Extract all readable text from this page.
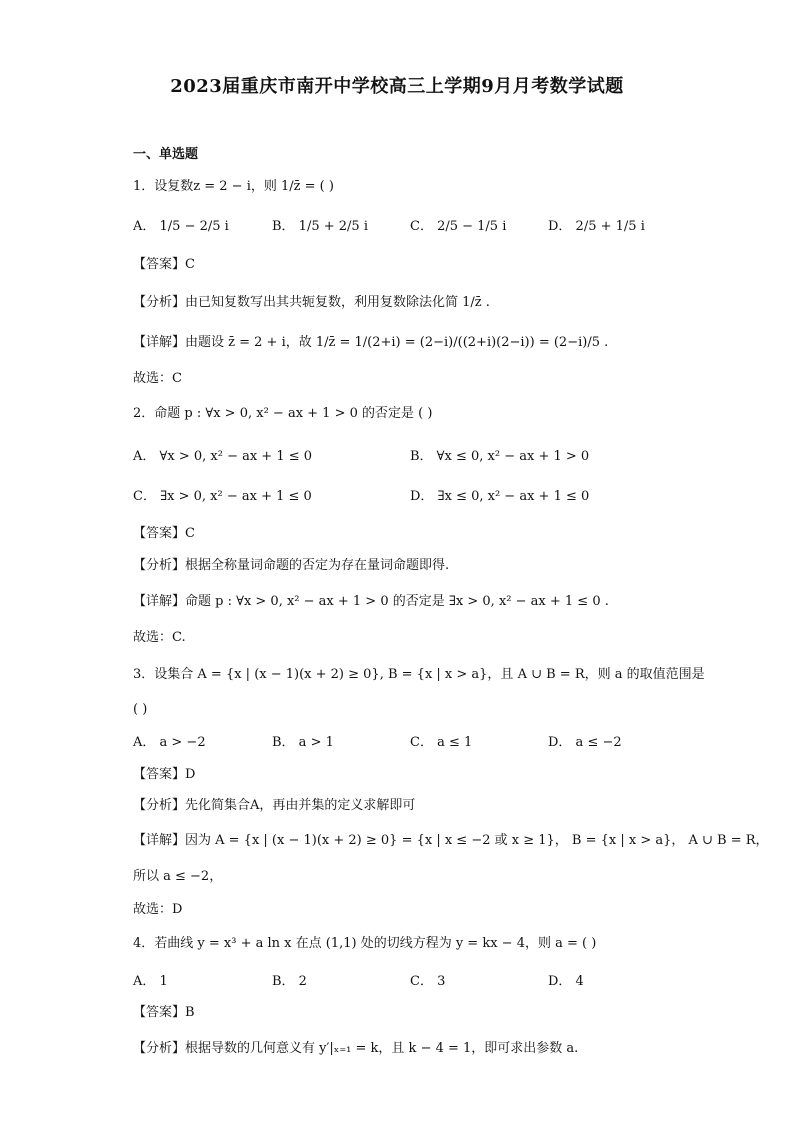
2023届重庆市南开中学校高三上学期9月月考数学试题
一、单选题
1．设复数z = 2 − i，则 1/z̄ = ( )
A． 1/5 − 2/5 i	B． 1/5 + 2/5 i	C． 2/5 − 1/5 i	D． 2/5 + 1/5 i
【答案】C
【分析】由已知复数写出其共轭复数，利用复数除法化简 1/z̄ .
【详解】由题设 z̄ = 2 + i，故 1/z̄ = 1/(2+i) = (2−i)/((2+i)(2−i)) = (2−i)/5 .
故选：C
2．命题 p : ∀x > 0, x² − ax + 1 > 0 的否定是 ( )
A． ∀x > 0, x² − ax + 1 ≤ 0	B． ∀x ≤ 0, x² − ax + 1 > 0
C． ∃x > 0, x² − ax + 1 ≤ 0	D． ∃x ≤ 0, x² − ax + 1 ≤ 0
【答案】C
【分析】根据全称量词命题的否定为存在量词命题即得.
【详解】命题 p : ∀x > 0, x² − ax + 1 > 0 的否定是 ∃x > 0, x² − ax + 1 ≤ 0 .
故选：C.
3．设集合 A = {x | (x − 1)(x + 2) ≥ 0}, B = {x | x > a}，且 A ∪ B = R，则 a 的取值范围是
( )
A． a > −2	B． a > 1	C． a ≤ 1	D． a ≤ −2
【答案】D
【分析】先化简集合A，再由并集的定义求解即可
【详解】因为 A = {x | (x − 1)(x + 2) ≥ 0} = {x | x ≤ −2 或 x ≥ 1}， B = {x | x > a}， A ∪ B = R，
所以 a ≤ −2，
故选：D
4．若曲线 y = x³ + a ln x 在点 (1,1) 处的切线方程为 y = kx − 4，则 a = ( )
A． 1	B． 2	C． 3	D． 4
【答案】B
【分析】根据导数的几何意义有 y′|ₓ₌₁ = k，且 k − 4 = 1，即可求出参数 a.
